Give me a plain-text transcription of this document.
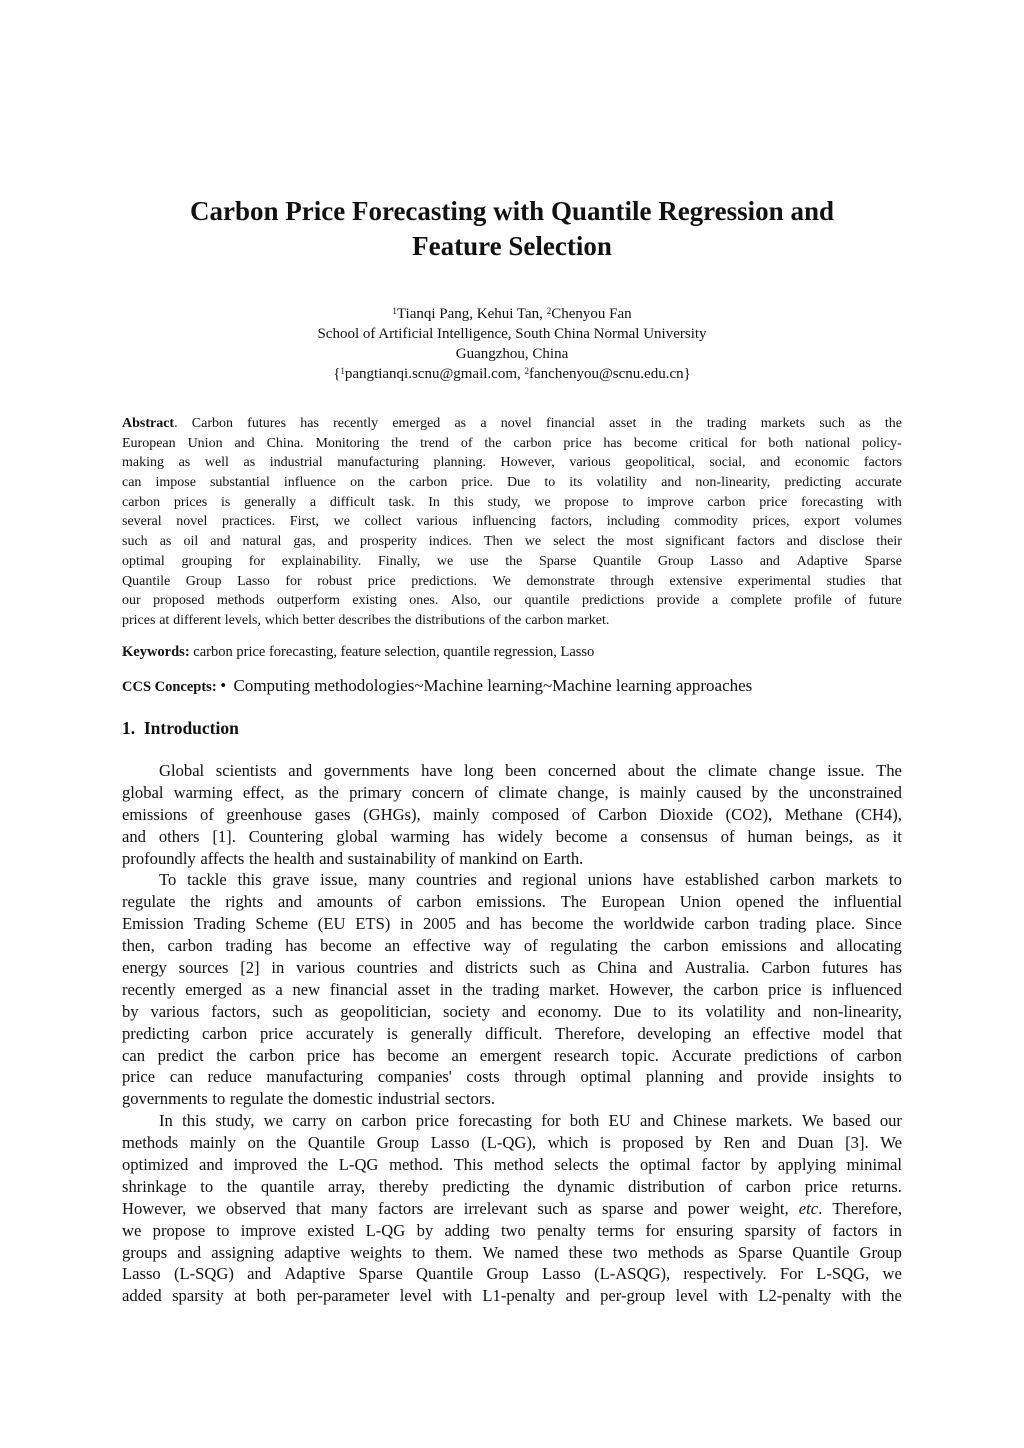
Carbon Price Forecasting with Quantile Regression and
Feature Selection
$^1$Tianqi Pang, Kehui Tan, $^2$Chenyou Fan
School of Artificial Intelligence, South China Normal University
Guangzhou, China
{$^1$pangtianqi.scnu@gmail.com, $^2$fanchenyou@scnu.edu.cn}
Abstract. Carbon futures has recently emerged as a novel financial asset in the trading markets such as the
European Union and China. Monitoring the trend of the carbon price has become critical for both national policy-
making as well as industrial manufacturing planning. However, various geopolitical, social, and economic factors
can impose substantial influence on the carbon price. Due to its volatility and non-linearity, predicting accurate
carbon prices is generally a difficult task. In this study, we propose to improve carbon price forecasting with
several novel practices. First, we collect various influencing factors, including commodity prices, export volumes
such as oil and natural gas, and prosperity indices. Then we select the most significant factors and disclose their
optimal grouping for explainability. Finally, we use the Sparse Quantile Group Lasso and Adaptive Sparse
Quantile Group Lasso for robust price predictions. We demonstrate through extensive experimental studies that
our proposed methods outperform existing ones. Also, our quantile predictions provide a complete profile of future
prices at different levels, which better describes the distributions of the carbon market.
Keywords: carbon price forecasting, feature selection, quantile regression, Lasso
CCS Concepts: • Computing methodologies~Machine learning~Machine learning approaches
1. Introduction
Global scientists and governments have long been concerned about the climate change issue. The
global warming effect, as the primary concern of climate change, is mainly caused by the unconstrained
emissions of greenhouse gases (GHGs), mainly composed of Carbon Dioxide (CO2), Methane (CH4),
and others [1]. Countering global warming has widely become a consensus of human beings, as it
profoundly affects the health and sustainability of mankind on Earth.
To tackle this grave issue, many countries and regional unions have established carbon markets to
regulate the rights and amounts of carbon emissions. The European Union opened the influential
Emission Trading Scheme (EU ETS) in 2005 and has become the worldwide carbon trading place. Since
then, carbon trading has become an effective way of regulating the carbon emissions and allocating
energy sources [2] in various countries and districts such as China and Australia. Carbon futures has
recently emerged as a new financial asset in the trading market. However, the carbon price is influenced
by various factors, such as geopolitician, society and economy. Due to its volatility and non-linearity,
predicting carbon price accurately is generally difficult. Therefore, developing an effective model that
can predict the carbon price has become an emergent research topic. Accurate predictions of carbon
price can reduce manufacturing companies' costs through optimal planning and provide insights to
governments to regulate the domestic industrial sectors.
In this study, we carry on carbon price forecasting for both EU and Chinese markets. We based our
methods mainly on the Quantile Group Lasso (L-QG), which is proposed by Ren and Duan [3]. We
optimized and improved the L-QG method. This method selects the optimal factor by applying minimal
shrinkage to the quantile array, thereby predicting the dynamic distribution of carbon price returns.
However, we observed that many factors are irrelevant such as sparse and power weight, etc. Therefore,
we propose to improve existed L-QG by adding two penalty terms for ensuring sparsity of factors in
groups and assigning adaptive weights to them. We named these two methods as Sparse Quantile Group
Lasso (L-SQG) and Adaptive Sparse Quantile Group Lasso (L-ASQG), respectively. For L-SQG, we
added sparsity at both per-parameter level with L1-penalty and per-group level with L2-penalty with the
